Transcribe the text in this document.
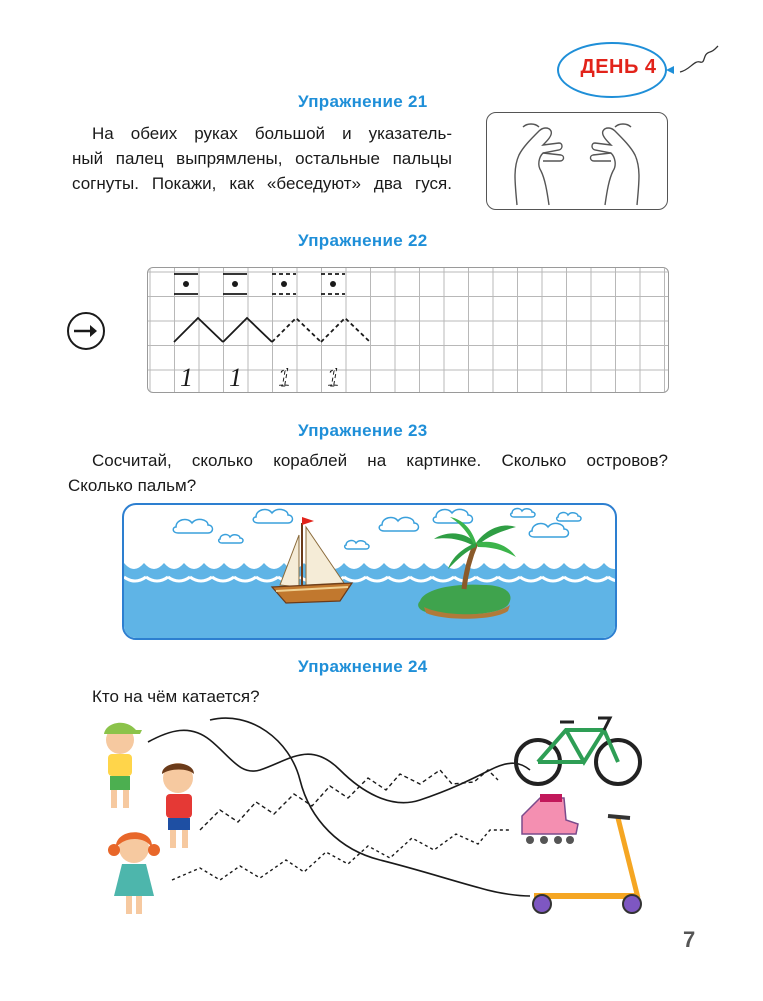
ДЕНЬ 4
Упражнение 21
На обеих руках большой и указатель-
ный палец выпрямлены, остальные пальцы
согнуты. Покажи, как «беседуют» два гуся.
Упражнение 22
1 1 1 1
Упражнение 23
Сосчитай, сколько кораблей на картинке. Сколько островов?
Сколько пальм?
Упражнение 24
Кто на чём катается?
7
